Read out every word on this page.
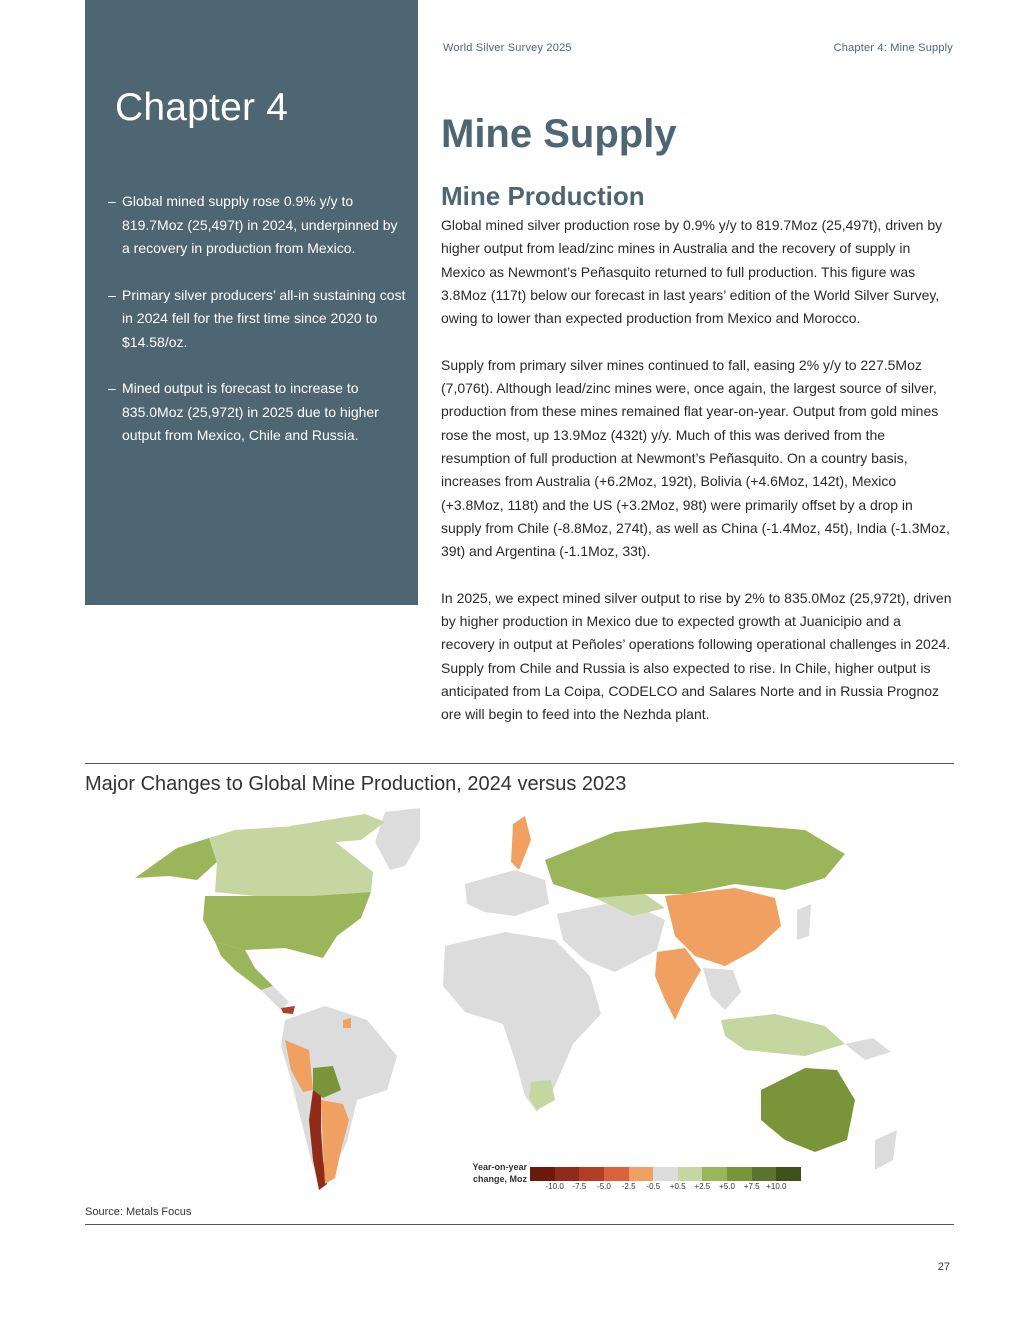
Chapter 4
– Global mined supply rose 0.9% y/y to 819.7Moz (25,497t) in 2024, underpinned by a recovery in production from Mexico.
– Primary silver producers’ all-in sustaining cost in 2024 fell for the first time since 2020 to $14.58/oz.
– Mined output is forecast to increase to 835.0Moz (25,972t) in 2025 due to higher output from Mexico, Chile and Russia.
World Silver Survey 2025	Chapter 4: Mine Supply
Mine Supply
Mine Production

Global mined silver production rose by 0.9% y/y to 819.7Moz (25,497t), driven by higher output from lead/zinc mines in Australia and the recovery of supply in Mexico as Newmont’s Peñasquito returned to full production. This figure was 3.8Moz (117t) below our forecast in last years’ edition of the World Silver Survey, owing to lower than expected production from Mexico and Morocco.

Supply from primary silver mines continued to fall, easing 2% y/y to 227.5Moz (7,076t). Although lead/zinc mines were, once again, the largest source of silver, production from these mines remained flat year-on-year. Output from gold mines rose the most, up 13.9Moz (432t) y/y. Much of this was derived from the resumption of full production at Newmont’s Peñasquito. On a country basis, increases from Australia (+6.2Moz, 192t), Bolivia (+4.6Moz, 142t), Mexico (+3.8Moz, 118t) and the US (+3.2Moz, 98t) were primarily offset by a drop in supply from Chile (-8.8Moz, 274t), as well as China (-1.4Moz, 45t), India (-1.3Moz, 39t) and Argentina (-1.1Moz, 33t).

In 2025, we expect mined silver output to rise by 2% to 835.0Moz (25,972t), driven by higher production in Mexico due to expected growth at Juanicipio and a recovery in output at Peñoles’ operations following operational challenges in 2024. Supply from Chile and Russia is also expected to rise. In Chile, higher output is anticipated from La Coipa, CODELCO and Salares Norte and in Russia Prognoz ore will begin to feed into the Nezhda plant.

Major Changes to Global Mine Production, 2024 versus 2023
Year-on-year change, Moz
-10.0 -7.5 -5.0 -2.5 -0.5 +0.5 +2.5 +5.0 +7.5 +10.0
Source: Metals Focus
27
